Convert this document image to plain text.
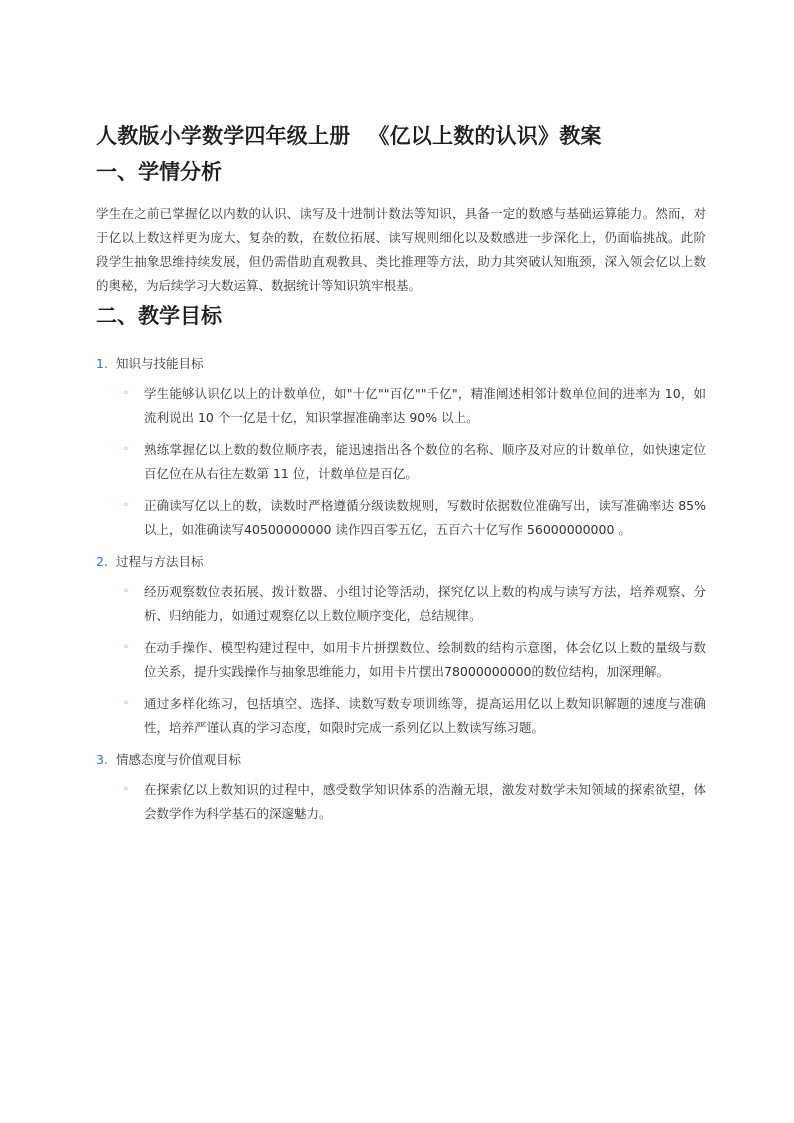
人教版小学数学四年级上册 《亿以上数的认识》教案
一、学情分析

学生在之前已掌握亿以内数的认识、读写及十进制计数法等知识，具备一定的数感与基础运算能力。然而，对于亿以上数这样更为庞大、复杂的数，在数位拓展、读写规则细化以及数感进一步深化上，仍面临挑战。此阶段学生抽象思维持续发展，但仍需借助直观教具、类比推理等方法，助力其突破认知瓶颈，深入领会亿以上数的奥秘，为后续学习大数运算、数据统计等知识筑牢根基。

二、教学目标
1. 知识与技能目标
◦ 学生能够认识亿以上的计数单位，如"十亿""百亿""千亿"，精准阐述相邻计数单位间的进率为 10，如流利说出 10 个一亿是十亿，知识掌握准确率达 90% 以上。
◦ 熟练掌握亿以上数的数位顺序表，能迅速指出各个数位的名称、顺序及对应的计数单位，如快速定位百亿位在从右往左数第 11 位，计数单位是百亿。
◦ 正确读写亿以上的数，读数时严格遵循分级读数规则，写数时依据数位准确写出，读写准确率达 85% 以上，如准确读写40500000000 读作四百零五亿，五百六十亿写作 56000000000 。
2. 过程与方法目标
◦ 经历观察数位表拓展、拨计数器、小组讨论等活动，探究亿以上数的构成与读写方法，培养观察、分析、归纳能力，如通过观察亿以上数位顺序变化，总结规律。
◦ 在动手操作、模型构建过程中，如用卡片拼摆数位、绘制数的结构示意图，体会亿以上数的量级与数位关系，提升实践操作与抽象思维能力，如用卡片摆出78000000000的数位结构，加深理解。
◦ 通过多样化练习，包括填空、选择、读数写数专项训练等，提高运用亿以上数知识解题的速度与准确性，培养严谨认真的学习态度，如限时完成一系列亿以上数读写练习题。
3. 情感态度与价值观目标
◦ 在探索亿以上数知识的过程中，感受数学知识体系的浩瀚无垠，激发对数学未知领域的探索欲望，体会数学作为科学基石的深邃魅力。
